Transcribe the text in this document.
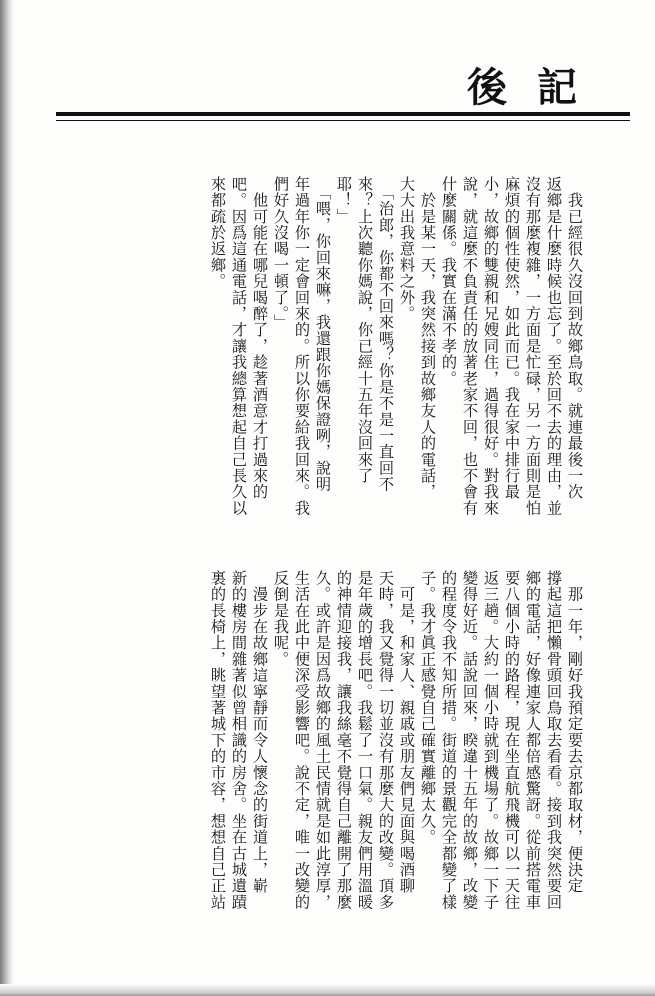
後記
　我已經很久沒回到故鄉鳥取。就連最後一次
返鄉是什麼時候也忘了。至於回不去的理由，並
沒有那麼複雜，一方面是忙碌，另一方面則是怕
麻煩的個性使然，如此而已。我在家中排行最
小，故鄉的雙親和兄嫂同住，過得很好。對我來
說，就這麼不負責任的放著老家不回，也不會有
什麼關係。我實在滿不孝的。
　於是某一天，我突然接到故鄉友人的電話，
大大出我意料之外。
　「治郎，你都不回來嗎？你是不是一直回不
來？上次聽你媽說，你已經十五年沒回來了
耶！」
　「喂，你回來嘛，我還跟你媽保證咧，說明
年過年你一定會回來的。所以你要給我回來。我
們好久沒喝一頓了。」
　他可能在哪兒喝醉了，趁著酒意才打過來的
吧。因爲這通電話，才讓我總算想起自己長久以
來都疏於返鄉。
　那一年，剛好我預定要去京都取材，便決定
撐起這把懶骨頭回鳥取去看看。接到我突然要回
鄉的電話，好像連家人都倍感驚訝。從前搭電車
要八個小時的路程，現在坐直航飛機可以一天往
返三趟。大約一個小時就到機場了。故鄉一下子
變得好近。話說回來，睽違十五年的故鄉，改變
的程度令我不知所措。街道的景觀完全都變了樣
子。我才眞正感覺自己確實離鄉太久。
　可是，和家人、親戚或朋友們見面與喝酒聊
天時，我又覺得一切並沒有那麼大的改變。頂多
是年歲的增長吧。我鬆了一口氣。親友們用溫暖
的神情迎接我，讓我絲毫不覺得自己離開了那麼
久。或許是因爲故鄉的風土民情就是如此淳厚，
生活在此中便深受影響吧。說不定，唯一改變的
反倒是我呢。
　漫步在故鄉這寧靜而令人懷念的街道上，嶄
新的樓房間雜著似曾相識的房舍。坐在古城遺蹟
裏的長椅上，眺望著城下的市容，想想自己正站
